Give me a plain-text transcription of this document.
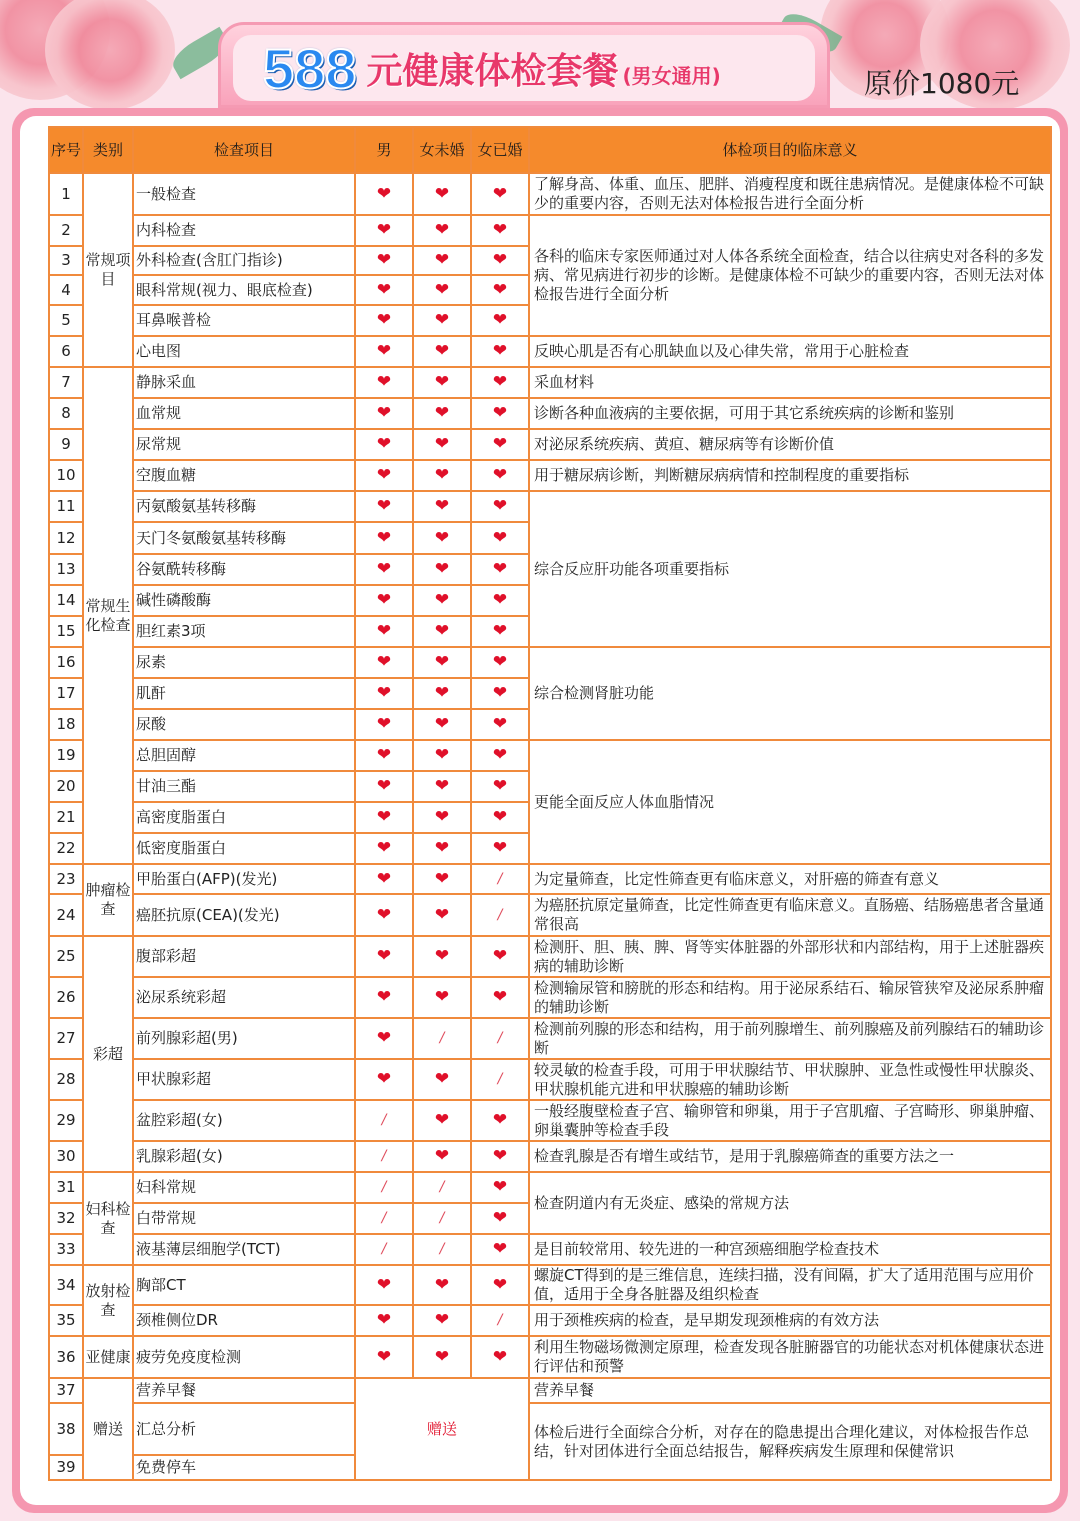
588 元健康体检套餐 (男女通用)	原价1080元
序号	类别	检查项目	男	女未婚	女已婚	体检项目的临床意义
1	常规项目	一般检查	❤	❤	❤	了解身高、体重、血压、肥胖、消瘦程度和既往患病情况。是健康体检不可缺少的重要内容，否则无法对体检报告进行全面分析
2		内科检查	❤	❤	❤	各科的临床专家医师通过对人体各系统全面检查，结合以往病史对各科的多发病、常见病进行初步的诊断。是健康体检不可缺少的重要内容，否则无法对体检报告进行全面分析
3		外科检查(含肛门指诊)	❤	❤	❤	
4		眼科常规(视力、眼底检查)	❤	❤	❤	
5		耳鼻喉普检	❤	❤	❤	
6		心电图	❤	❤	❤	反映心肌是否有心肌缺血以及心律失常，常用于心脏检查
7	常规生化检查	静脉采血	❤	❤	❤	采血材料
8		血常规	❤	❤	❤	诊断各种血液病的主要依据，可用于其它系统疾病的诊断和鉴别
9		尿常规	❤	❤	❤	对泌尿系统疾病、黄疸、糖尿病等有诊断价值
10		空腹血糖	❤	❤	❤	用于糖尿病诊断，判断糖尿病病情和控制程度的重要指标
11		丙氨酸氨基转移酶	❤	❤	❤	综合反应肝功能各项重要指标
12		天门冬氨酸氨基转移酶	❤	❤	❤	
13		谷氨酰转移酶	❤	❤	❤	
14		碱性磷酸酶	❤	❤	❤	
15		胆红素3项	❤	❤	❤	
16		尿素	❤	❤	❤	综合检测肾脏功能
17		肌酐	❤	❤	❤	
18		尿酸	❤	❤	❤	
19		总胆固醇	❤	❤	❤	更能全面反应人体血脂情况
20		甘油三酯	❤	❤	❤	
21		高密度脂蛋白	❤	❤	❤	
22		低密度脂蛋白	❤	❤	❤	
23	肿瘤检查	甲胎蛋白(AFP)(发光)	❤	❤	/	为定量筛查，比定性筛查更有临床意义，对肝癌的筛查有意义
24		癌胚抗原(CEA)(发光)	❤	❤	/	为癌胚抗原定量筛查，比定性筛查更有临床意义。直肠癌、结肠癌患者含量通常很高
25	彩超	腹部彩超	❤	❤	❤	检测肝、胆、胰、脾、肾等实体脏器的外部形状和内部结构，用于上述脏器疾病的辅助诊断
26		泌尿系统彩超	❤	❤	❤	检测输尿管和膀胱的形态和结构。用于泌尿系结石、输尿管狭窄及泌尿系肿瘤的辅助诊断
27		前列腺彩超(男)	❤	/	/	检测前列腺的形态和结构，用于前列腺增生、前列腺癌及前列腺结石的辅助诊断
28		甲状腺彩超	❤	❤	/	较灵敏的检查手段，可用于甲状腺结节、甲状腺肿、亚急性或慢性甲状腺炎、甲状腺机能亢进和甲状腺癌的辅助诊断
29		盆腔彩超(女)	/	❤	❤	一般经腹壁检查子宫、输卵管和卵巢，用于子宫肌瘤、子宫畸形、卵巢肿瘤、卵巢囊肿等检查手段
30		乳腺彩超(女)	/	❤	❤	检查乳腺是否有增生或结节，是用于乳腺癌筛查的重要方法之一
31	妇科检查	妇科常规	/	/	❤	检查阴道内有无炎症、感染的常规方法
32		白带常规	/	/	❤	
33		液基薄层细胞学(TCT)	/	/	❤	是目前较常用、较先进的一种宫颈癌细胞学检查技术
34	放射检查	胸部CT	❤	❤	❤	螺旋CT得到的是三维信息，连续扫描，没有间隔，扩大了适用范围与应用价值，适用于全身各脏器及组织检查
35		颈椎侧位DR	❤	❤	/	用于颈椎疾病的检查，是早期发现颈椎病的有效方法
36	亚健康	疲劳免疫度检测	❤	❤	❤	利用生物磁场微测定原理，检查发现各脏腑器官的功能状态对机体健康状态进行评估和预警
37	赠送	营养早餐	赠送			营养早餐
38		汇总分析				体检后进行全面综合分析，对存在的隐患提出合理化建议，对体检报告作总结，针对团体进行全面总结报告，解释疾病发生原理和保健常识
39		免费停车				
